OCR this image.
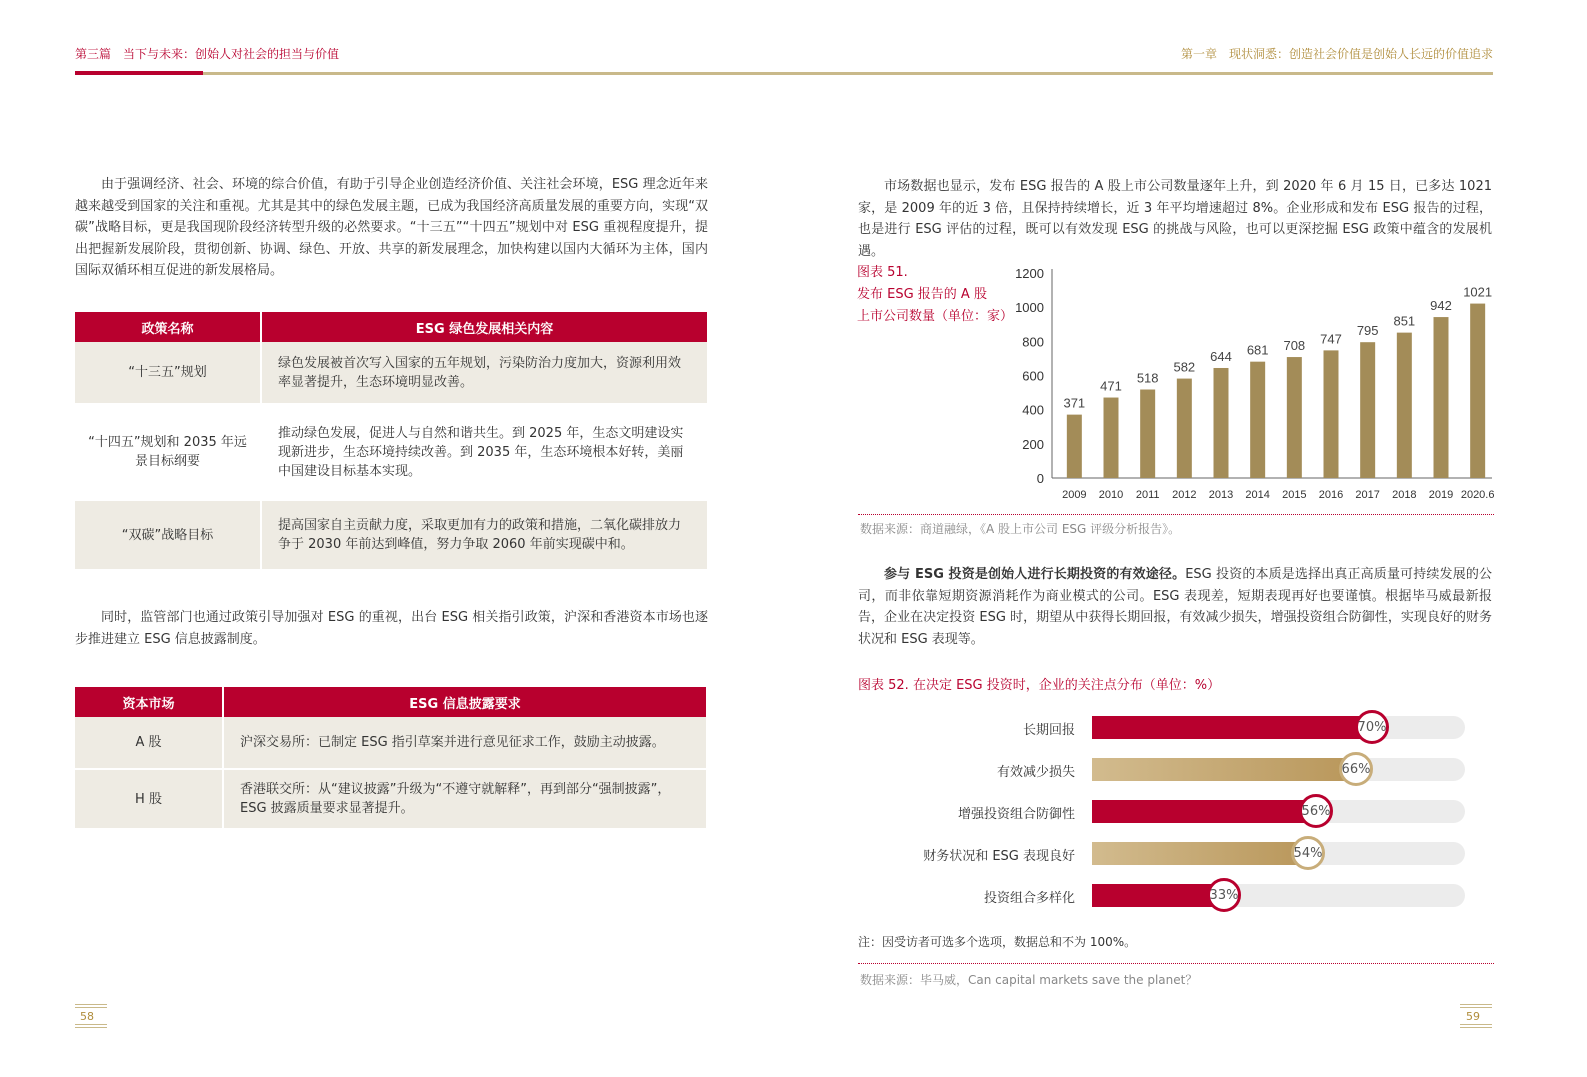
第三篇　当下与未来：创始人对社会的担当与价值	第一章　现状洞悉：创造社会价值是创始人长远的价值追求

由于强调经济、社会、环境的综合价值，有助于引导企业创造经济价值、关注社会环境，ESG 理念近年来越来越受到国家的关注和重视。尤其是其中的绿色发展主题，已成为我国经济高质量发展的重要方向，实现“双碳”战略目标，更是我国现阶段经济转型升级的必然要求。“十三五”“十四五”规划中对 ESG 重视程度提升，提出把握新发展阶段，贯彻创新、协调、绿色、开放、共享的新发展理念，加快构建以国内大循环为主体，国内国际双循环相互促进的新发展格局。

政策名称	ESG 绿色发展相关内容
“十三五”规划	绿色发展被首次写入国家的五年规划，污染防治力度加大，资源利用效率显著提升，生态环境明显改善。
“十四五”规划和 2035 年远景目标纲要	推动绿色发展，促进人与自然和谐共生。到 2025 年，生态文明建设实现新进步，生态环境持续改善。到 2035 年，生态环境根本好转，美丽中国建设目标基本实现。
“双碳”战略目标	提高国家自主贡献力度，采取更加有力的政策和措施，二氧化碳排放力争于 2030 年前达到峰值，努力争取 2060 年前实现碳中和。

同时，监管部门也通过政策引导加强对 ESG 的重视，出台 ESG 相关指引政策，沪深和香港资本市场也逐步推进建立 ESG 信息披露制度。

资本市场	ESG 信息披露要求
A 股	沪深交易所：已制定 ESG 指引草案并进行意见征求工作，鼓励主动披露。
H 股	香港联交所：从“建议披露”升级为“不遵守就解释”，再到部分“强制披露”，ESG 披露质量要求显著提升。
58

市场数据也显示，发布 ESG 报告的 A 股上市公司数量逐年上升，到 2020 年 6 月 15 日，已多达 1021 家，是 2009 年的近 3 倍，且保持持续增长，近 3 年平均增速超过 8%。企业形成和发布 ESG 报告的过程，也是进行 ESG 评估的过程，既可以有效发现 ESG 的挑战与风险，也可以更深挖掘 ESG 政策中蕴含的发展机遇。

图表 51.
发布 ESG 报告的 A 股
上市公司数量（单位：家）
0
200
400
600
800
1000
1200
371
2009
471
2010
518
2011
582
2012
644
2013
681
2014
708
2015
747
2016
795
2017
851
2018
942
2019
1021
2020.6
数据来源：商道融绿，《A 股上市公司 ESG 评级分析报告》。

参与 ESG 投资是创始人进行长期投资的有效途径。ESG 投资的本质是选择出真正高质量可持续发展的公司，而非依靠短期资源消耗作为商业模式的公司。ESG 表现差，短期表现再好也要谨慎。根据毕马威最新报告，企业在决定投资 ESG 时，期望从中获得长期回报，有效减少损失，增强投资组合防御性，实现良好的财务状况和 ESG 表现等。

图表 52. 在决定 ESG 投资时，企业的关注点分布（单位：%）
长期回报	70%
有效减少损失	66%
增强投资组合防御性	56%
财务状况和 ESG 表现良好	54%
投资组合多样化	33%
注：因受访者可选多个选项，数据总和不为 100%。
数据来源：毕马威，Can capital markets save the planet？
59
